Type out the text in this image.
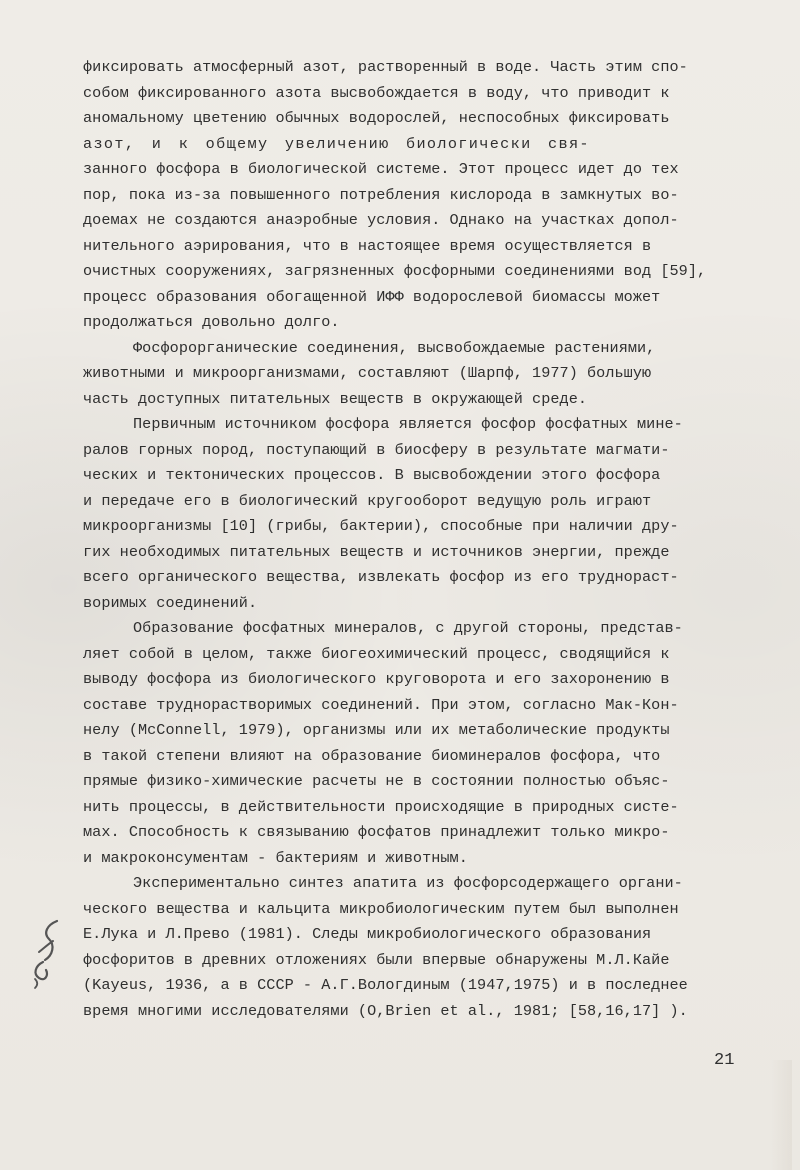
фиксировать атмосферный азот, растворенный в воде. Часть этим спо-
собом фиксированного азота высвобождается в воду, что приводит к
аномальному цветению обычных водорослей, неспособных фиксировать
азот, и к общему увеличению биологически свя-
занного фосфора в биологической системе. Этот процесс идет до тех
пор, пока из-за повышенного потребления кислорода в замкнутых во-
доемах не создаются анаэробные условия. Однако на участках допол-
нительного аэрирования, что в настоящее время осуществляется в
очистных сооружениях, загрязненных фосфорными соединениями вод [59],
процесс образования обогащенной ИФФ водорослевой биомассы может
продолжаться довольно долго.
Фосфорорганические соединения, высвобождаемые растениями,
животными и микроорганизмами, составляют (Шарпф, 1977) большую
часть доступных питательных веществ в окружающей среде.
Первичным источником фосфора является фосфор фосфатных мине-
ралов горных пород, поступающий в биосферу в результате магмати-
ческих и тектонических процессов. В высвобождении этого фосфора
и передаче его в биологический кругооборот ведущую роль играют
микроорганизмы [10] (грибы, бактерии), способные при наличии дру-
гих необходимых питательных веществ и источников энергии, прежде
всего органического вещества, извлекать фосфор из его труднораст-
воримых соединений.
Образование фосфатных минералов, с другой стороны, представ-
ляет собой в целом, также биогеохимический процесс, сводящийся к
выводу фосфора из биологического круговорота и его захоронению в
составе труднорастворимых соединений. При этом, согласно Мак-Кон-
нелу (McConnell, 1979), организмы или их метаболические продукты
в такой степени влияют на образование биоминералов фосфора, что
прямые физико-химические расчеты не в состоянии полностью объяс-
нить процессы, в действительности происходящие в природных систе-
мах. Способность к связыванию фосфатов принадлежит только микро-
и макроконсументам - бактериям и животным.
Экспериментально синтез апатита из фосфорсодержащего органи-
ческого вещества и кальцита микробиологическим путем был выполнен
Е.Лука и Л.Прево (1981). Следы микробиологического образования
фосфоритов в древних отложениях были впервые обнаружены М.Л.Кайе
(Kayeus, 1936, а в СССР - А.Г.Вологдиным (1947,1975) и в последнее
время многими исследователями (O,Brien et al., 1981; [58,16,17] ).
21
